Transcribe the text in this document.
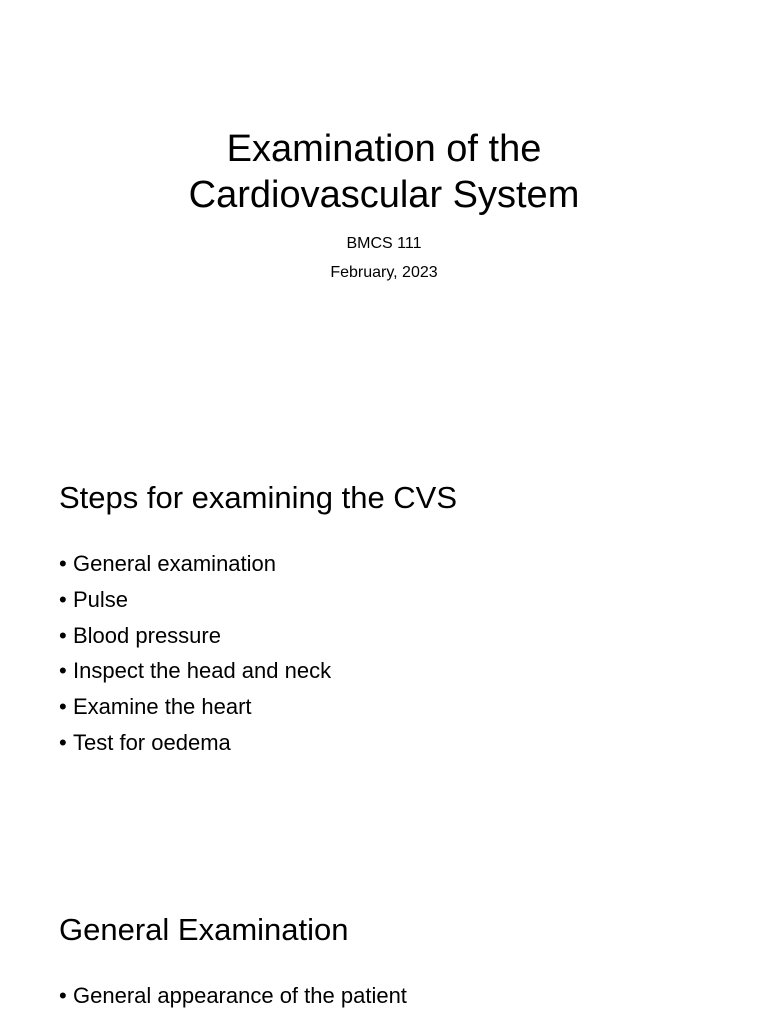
Examination of the
Cardiovascular System

BMCS 111

February, 2023

Steps for examining the CVS
• General examination
• Pulse
• Blood pressure
• Inspect the head and neck
• Examine the heart
• Test for oedema
General Examination
• General appearance of the patient
